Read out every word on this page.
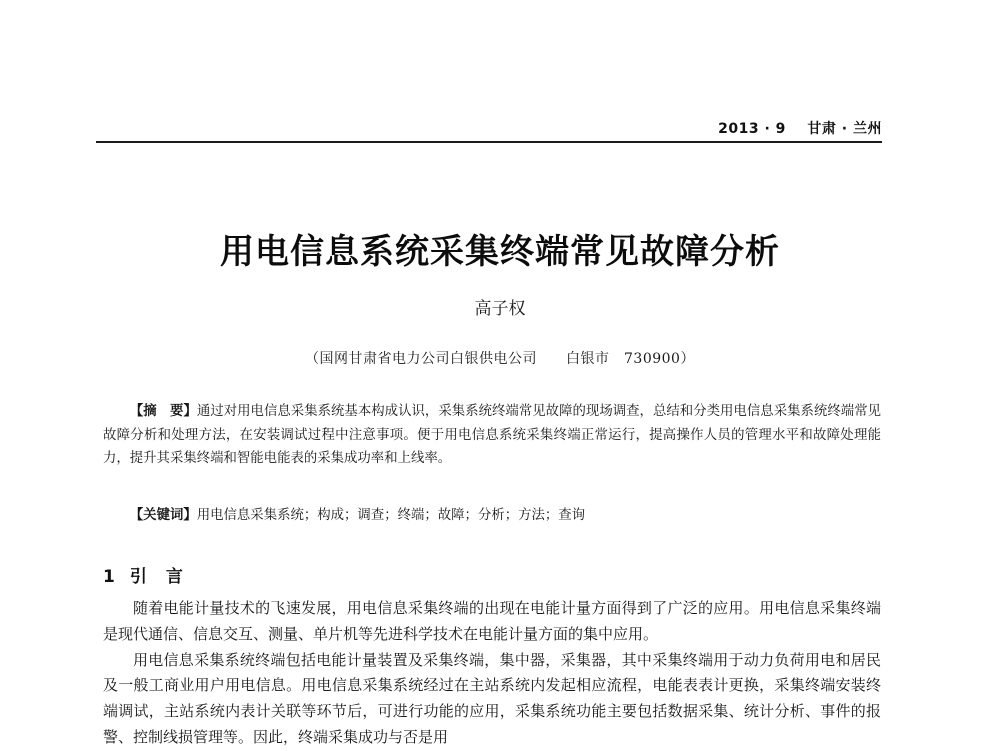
2013 · 9 甘肃 · 兰州
用电信息系统采集终端常见故障分析
高子权
（国网甘肃省电力公司白银供电公司　　白银市　730900）

【摘　要】通过对用电信息采集系统基本构成认识，采集系统终端常见故障的现场调查，总结和分类用电信息采集系统终端常见故障分析和处理方法，在安装调试过程中注意事项。便于用电信息系统采集终端正常运行，提高操作人员的管理水平和故障处理能力，提升其采集终端和智能电能表的采集成功率和上线率。

【关键词】用电信息采集系统；构成；调查；终端；故障；分析；方法；查询

1 引　言

随着电能计量技术的飞速发展，用电信息采集终端的出现在电能计量方面得到了广泛的应用。用电信息采集终端是现代通信、信息交互、测量、单片机等先进科学技术在电能计量方面的集中应用。

用电信息采集系统终端包括电能计量装置及采集终端，集中器，采集器，其中采集终端用于动力负荷用电和居民及一般工商业用户用电信息。用电信息采集系统经过在主站系统内发起相应流程，电能表表计更换，采集终端安装终端调试，主站系统内表计关联等环节后，可进行功能的应用，采集系统功能主要包括数据采集、统计分析、事件的报警、控制线损管理等。因此，终端采集成功与否是用
